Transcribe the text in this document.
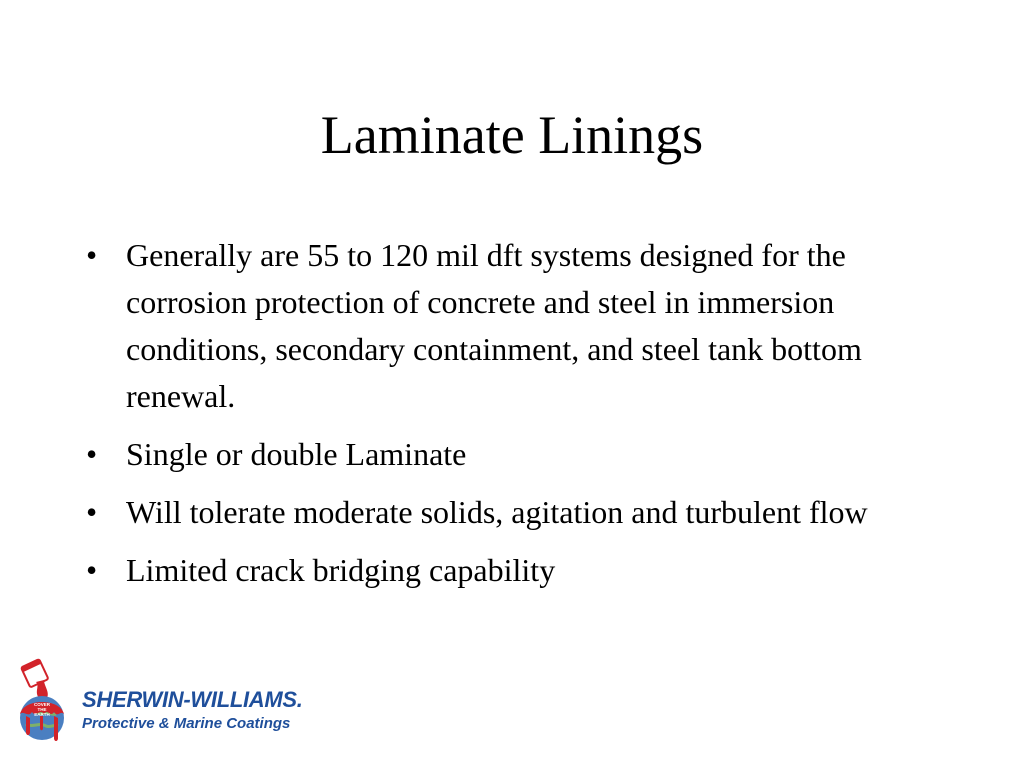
Laminate Linings
• Generally are 55 to 120 mil dft systems designed for the corrosion protection of concrete and steel in immersion conditions, secondary containment, and steel tank bottom renewal.
• Single or double Laminate
• Will tolerate moderate solids, agitation and turbulent flow
• Limited crack bridging capability
COVER
THE
EARTH
SHERWIN-WILLIAMS.
Protective & Marine Coatings
